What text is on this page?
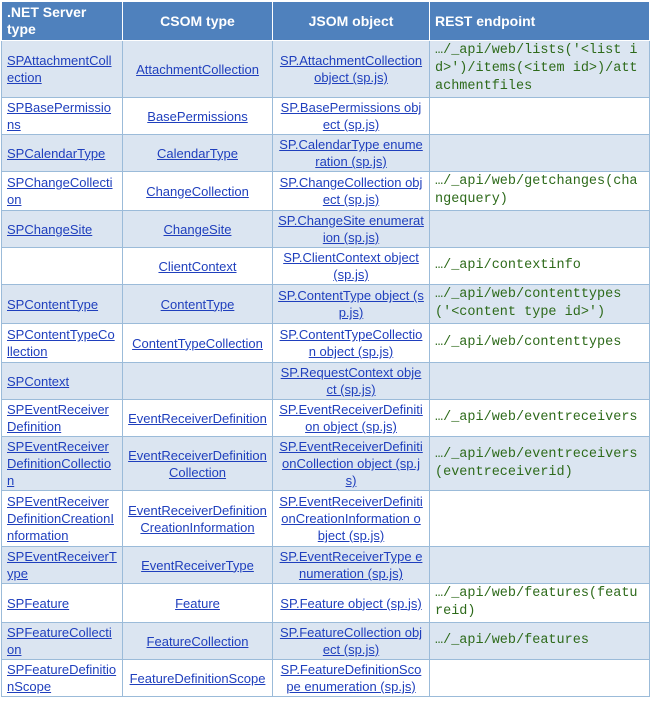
.NET Server type	CSOM type	JSOM object	REST endpoint
SPAttachmentCollection	AttachmentCollection	SP.AttachmentCollection object (sp.js)	…/_api/web/lists('<list id>')/items(<item id>)/attachmentfiles
SPBasePermissions	BasePermissions	SP.BasePermissions object (sp.js)	
SPCalendarType	CalendarType	SP.CalendarType enumeration (sp.js)	
SPChangeCollection	ChangeCollection	SP.ChangeCollection object (sp.js)	…/_api/web/getchanges(changequery)
SPChangeSite	ChangeSite	SP.ChangeSite enumeration (sp.js)	
	ClientContext	SP.ClientContext object (sp.js)	…/_api/contextinfo
SPContentType	ContentType	SP.ContentType object (sp.js)	…/_api/web/contenttypes('<content type id>')
SPContentTypeCollection	ContentTypeCollection	SP.ContentTypeCollection object (sp.js)	…/_api/web/contenttypes
SPContext		SP.RequestContext object (sp.js)	
SPEventReceiverDefinition	EventReceiverDefinition	SP.EventReceiverDefinition object (sp.js)	…/_api/web/eventreceivers
SPEventReceiverDefinitionCollection	EventReceiverDefinitionCollection	SP.EventReceiverDefinitionCollection object (sp.js)	…/_api/web/eventreceivers(eventreceiverid)
SPEventReceiverDefinitionCreationInformation	EventReceiverDefinitionCreationInformation	SP.EventReceiverDefinitionCreationInformation object (sp.js)	
SPEventReceiverType	EventReceiverType	SP.EventReceiverType enumeration (sp.js)	
SPFeature	Feature	SP.Feature object (sp.js)	…/_api/web/features(featureid)
SPFeatureCollection	FeatureCollection	SP.FeatureCollection object (sp.js)	…/_api/web/features
SPFeatureDefinitionScope	FeatureDefinitionScope	SP.FeatureDefinitionScope enumeration (sp.js)	
